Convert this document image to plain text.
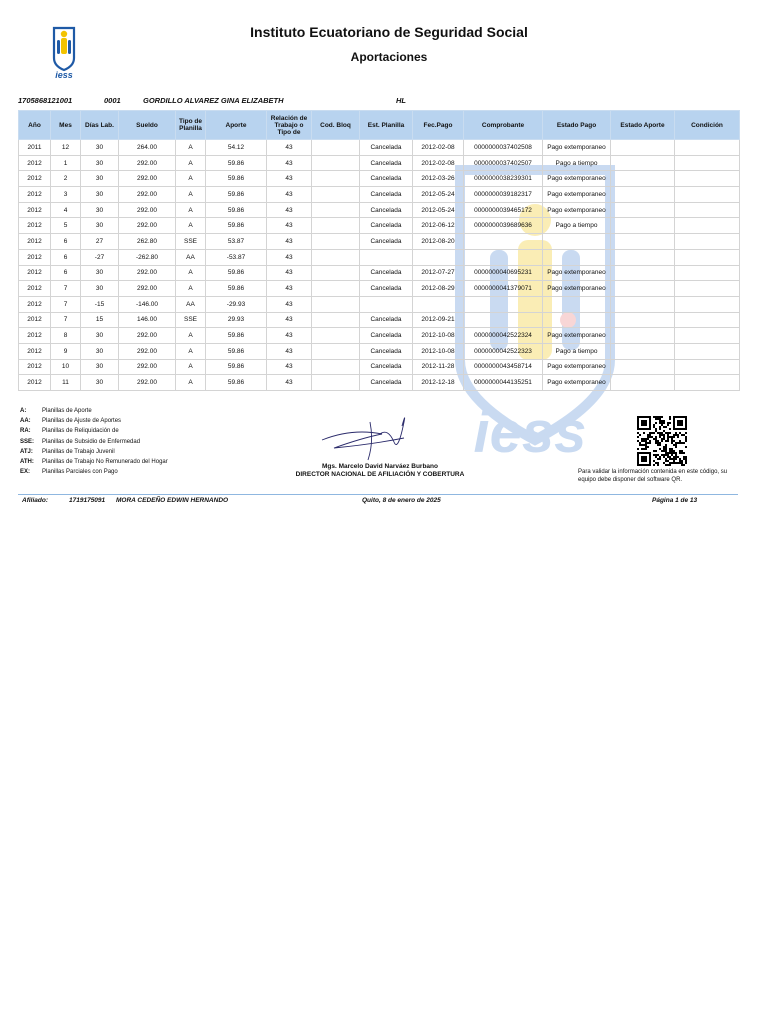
iess
Instituto Ecuatoriano de Seguridad Social
Aportaciones
1705868121001	0001	GORDILLO ALVAREZ GINA ELIZABETH	HL
iess
Año	Mes	Días Lab.	Sueldo	Tipo de Planilla	Aporte	Relación de Trabajo o Tipo de	Cod. Bloq	Est. Planilla	Fec.Pago	Comprobante	Estado Pago	Estado Aporte	Condición
2011	12	30	264.00	A	54.12	43		Cancelada	2012-02-08	0000000037402508	Pago extemporaneo		
2012	1	30	292.00	A	59.86	43		Cancelada	2012-02-08	0000000037402507	Pago a tiempo		
2012	2	30	292.00	A	59.86	43		Cancelada	2012-03-26	0000000038239301	Pago extemporaneo		
2012	3	30	292.00	A	59.86	43		Cancelada	2012-05-24	0000000039182317	Pago extemporaneo		
2012	4	30	292.00	A	59.86	43		Cancelada	2012-05-24	0000000039465172	Pago extemporaneo		
2012	5	30	292.00	A	59.86	43		Cancelada	2012-06-12	0000000039689636	Pago a tiempo		
2012	6	27	262.80	SSE	53.87	43		Cancelada	2012-08-20				
2012	6	-27	-262.80	AA	-53.87	43							
2012	6	30	292.00	A	59.86	43		Cancelada	2012-07-27	0000000040695231	Pago extemporaneo		
2012	7	30	292.00	A	59.86	43		Cancelada	2012-08-29	0000000041379071	Pago extemporaneo		
2012	7	-15	-146.00	AA	-29.93	43							
2012	7	15	146.00	SSE	29.93	43		Cancelada	2012-09-21				
2012	8	30	292.00	A	59.86	43		Cancelada	2012-10-08	0000000042522324	Pago extemporaneo		
2012	9	30	292.00	A	59.86	43		Cancelada	2012-10-08	0000000042522323	Pago a tiempo		
2012	10	30	292.00	A	59.86	43		Cancelada	2012-11-28	0000000043458714	Pago extemporaneo		
2012	11	30	292.00	A	59.86	43		Cancelada	2012-12-18	0000000044135251	Pago extemporaneo		
A:	Planillas de Aporte
AA: Planillas de Ajuste de Aportes
RA: Planillas de Reliquidación de
SSE: Planillas de Subsidio de Enfermedad
ATJ: Planillas de Trabajo Juvenil
ATH: Planillas de Trabajo No Remunerado del Hogar
EX: Planillas Parciales con Pago
Mgs. Marcelo David Narváez Burbano
DIRECTOR NACIONAL DE AFILIACIÓN Y COBERTURA	Para validar la información contenida en este código, su equipo debe disponer del software QR.
Afiliado:	1719175091 MORA CEDEÑO EDWIN HERNANDO	Quito, 8 de enero de 2025	Página 1 de 13
